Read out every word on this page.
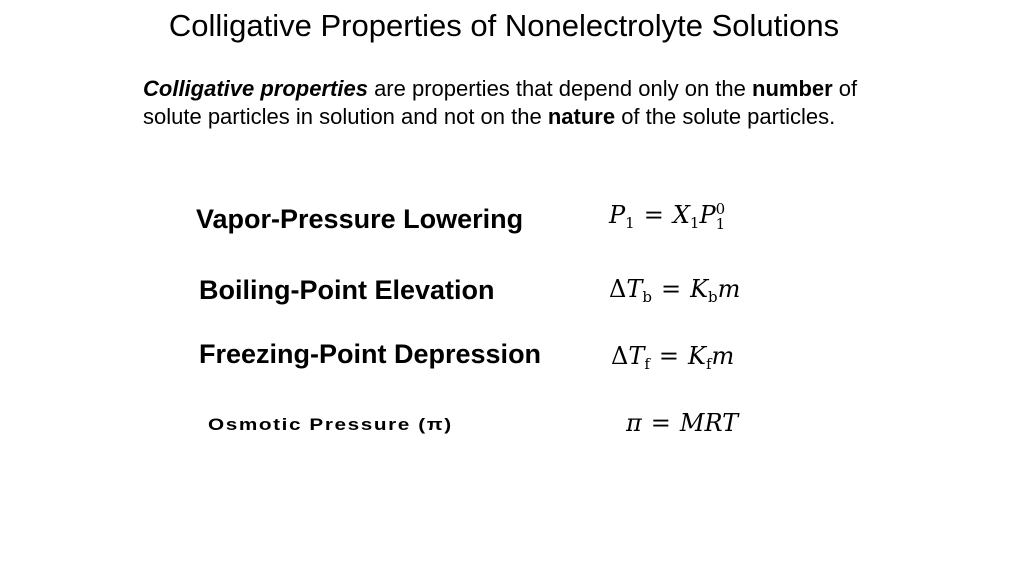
Colligative Properties of Nonelectrolyte Solutions

Colligative properties are properties that depend only on the number of solute particles in solution and not on the nature of the solute particles.

Vapor-Pressure Lowering	$P_1 = X_1P$ 0
1
Boiling-Point Elevation	$\Delta T_b = K_bm$
Freezing-Point Depression	$\Delta T_f = K_fm$
Osmotic Pressure (π)	π = MRT
